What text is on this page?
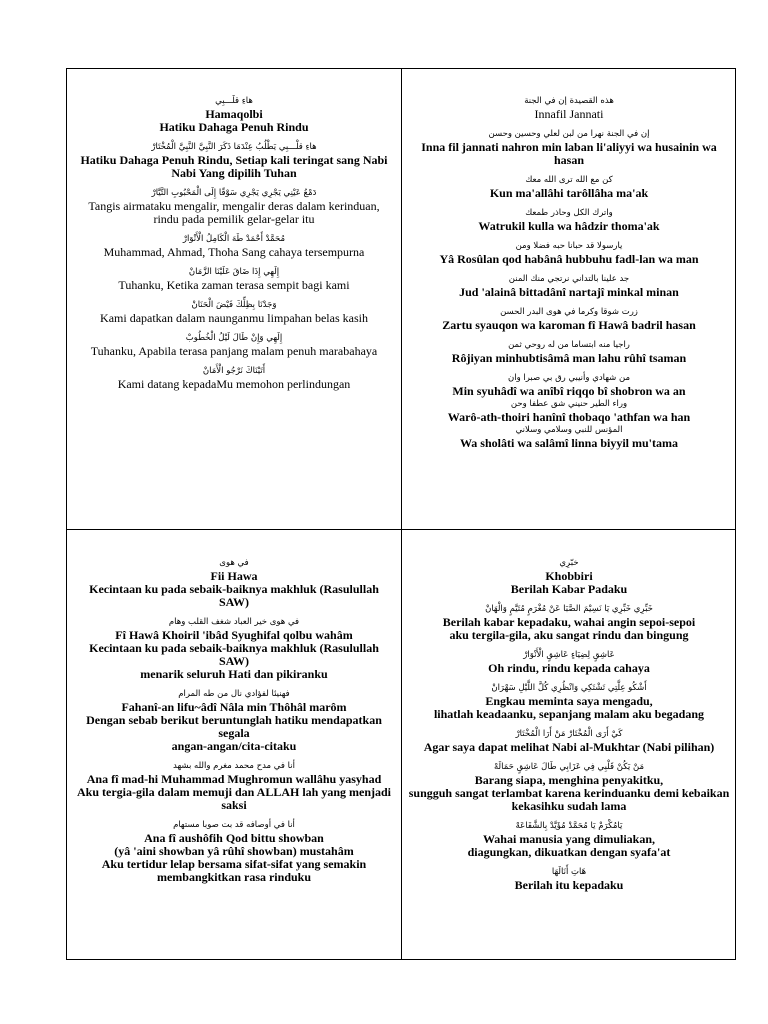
هاءِ قلْـــبِي
Hamaqolbi
Hatiku Dahaga Penuh Rindu
هاءِ قلْـــبِي يَطْلُبُ عِنْدَمَا ذَكَرَ النَّبِيَّ النَّبِيَّ الْمُخْتَارْ
Hatiku Dahaga Penuh Rindu, Setiap kali teringat sang Nabi
Nabi Yang dipilih Tuhan
دَمْعُ عَيْنِي يَجْرِي يَجْرِي سَوْقًا إِلَى الْمَحْبُوبِ التَّيَّارْ
Tangis airmataku mengalir, mengalir deras dalam kerinduan,
rindu pada pemilik gelar-gelar itu
مُحَمَّدْ أَحْمَدْ طَهَ الْكَامِلُ الْأَنْوَارْ
Muhammad, Ahmad, Thoha Sang cahaya tersempurna
إِلَهِي إِذَا ضَاقَ عَلَيْنَا الزَّمَانْ
Tuhanku, Ketika zaman terasa sempit bagi kami
وَجَدْنَا بِظِلِّكَ فَيْضَ الْحَنَانْ
Kami dapatkan dalam naunganmu limpahan belas kasih
إِلَهِي وَإِنْ طَالَ لَيْلُ الْخُطُوبْ
Tuhanku, Apabila terasa panjang malam penuh marabahaya
أَتَيْنَاكَ نَرْجُو الْأَمَانْ
Kami datang kepadaMu memohon perlindungan
هذه القصيدة إن في الجنة
Innafil Jannati
إن في الجنة نهرا من لبن لعلي وحسين وحسن
Inna fil jannati nahron min laban li'aliyyi wa husainin wa hasan
كن مع الله ترى الله معك
Kun ma'allâhi tarôllâha ma'ak
واترك الكل وحاذر طمعك
Watrukil kulla wa hâdzir thoma'ak
يارسولا قد حبانا حبه فضلا ومن
Yâ Rosûlan qod habânâ hubbuhu fadl-lan wa man
جد علينا بالتداني نرتجي منك المنن
Jud 'alainâ bittadânî nartajî minkal minan
زرت شوقا وكرما في هوى البدر الحسن
Zartu syauqon wa karoman fî Hawâ badril hasan
راجيا منه ابتساما من له روحي ثمن
Rôjiyan minhubtisâmâ man lahu rûhî tsaman
من شهادي وأنيبي رق بي صبرا وان
Min syuhâdî wa anîbî riqqo bî shobron wa an
وراء الطير حنيني شق عطفا وحن
Warô-ath-thoiri hanînî thobaqo 'athfan wa han
المؤنس للنبي وسلامي وسلاني
Wa sholâti wa salâmî linna biyyil mu'tama
في هوى
Fii Hawa
Kecintaan ku pada sebaik-baiknya makhluk (Rasulullah SAW)
في هوى خير العباد شغف القلب وهام
Fî Hawâ Khoiril 'ibâd Syughifal qolbu wahâm
Kecintaan ku pada sebaik-baiknya makhluk (Rasulullah SAW)
menarik seluruh Hati dan pikiranku
فهنيئا لفؤادي نال من طه المرام
Fahanî-an lifu~âdî Nâla min Thôhâl marôm
Dengan sebab berikut beruntunglah hatiku mendapatkan segala
angan-angan/cita-citaku
أنا في مدح محمد مغرم والله بشهد
Ana fî mad-hi Muhammad Mughromun wallâhu yasyhad
Aku tergia-gila dalam memuji dan ALLAH lah yang menjadi
saksi
أنا في أوصافه قد بت صوبا مستهام
Ana fî aushôfih Qod bittu showban
(yâ 'aini showban yâ rûhî showban) mustahâm
Aku tertidur lelap bersama sifat-sifat yang semakin
membangkitkan rasa rinduku
خبّرِي
Khobbiri
Berilah Kabar Padaku
خَبِّرِي خَبِّرِي يَا نَسِيْمَ الصَّبَا عَنْ مُغْرَمٍ مُتَيَّمٍ وَالْهَانْ
Berilah kabar kepadaku, wahai angin sepoi-sepoi
aku tergila-gila, aku sangat rindu dan bingung
عَاشِقٍ لِضِيَاءٍ عَاشِقٍ الْأَنْوَارْ
Oh rindu, rindu kepada cahaya
أَشْكُو عِلَّتِي تَشْتَكِي وَانْظُرِي كُلَّ اللَّيْلِ سَهْرَانْ
Engkau meminta saya mengadu,
lihatlah keadaanku, sepanjang malam aku begadang
كَيْ أَرَى الْمُخْتَارْ مَنْ أَرَا الْمُخْتَارْ
Agar saya dapat melihat Nabi al-Mukhtar (Nabi pilihan)
مَنْ يَكُنْ قَلْبِي فِي عَزَابِي طَالَ عَاشِقٍ حَمَالَهْ
Barang siapa, menghina penyakitku,
sungguh sangat terlambat karena kerinduanku demi kebaikan
kekasihku sudah lama
يَامُكْرَمْ يَا مُحَمَّدْ مُؤَيَّدْ بِالشَّفَاعَهْ
Wahai manusia yang dimuliakan,
diagungkan, dikuatkan dengan syafa'at
هَاتِ أَنَالَهَا
Berilah itu kepadaku
